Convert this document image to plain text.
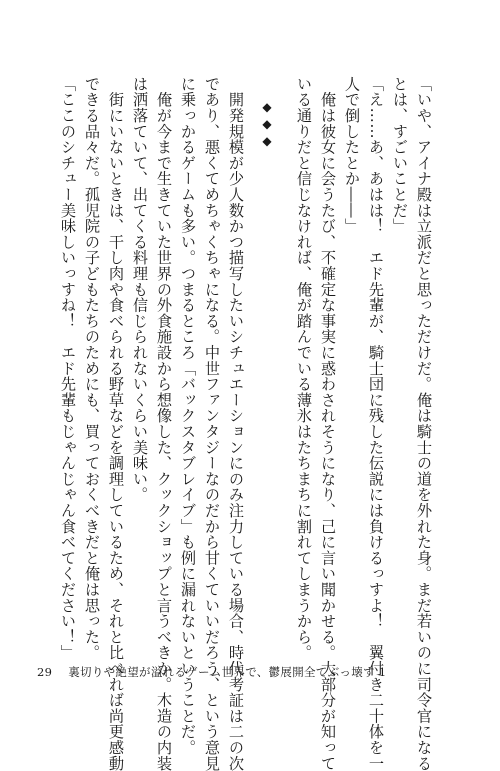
「いや、アイナ殿は立派だと思っただけだ。俺は騎士の道を外れた身。まだ若いのに司令官になる
とは、すごいことだ」
「え……あ、あはは！　エド先輩が、騎士団に残した伝説には負けるっすよ！　翼付き二十体を一
人で倒したとか――」
　俺は彼女に会うたび、不確定な事実に惑わされそうになり、己に言い聞かせる。大部分が知って
いる通りだと信じなければ、俺が踏んでいる薄氷はたちまちに割れてしまうから。
◆◆◆
　開発規模が少人数かつ描写したいシチュエーションにのみ注力している場合、時代考証は二の次
であり、悪くてめちゃくちゃになる。中世ファンタジーなのだから甘くていいだろう、という意見
に乗っかるゲームも多い。つまるところ「バックスタブレイブ」も例に漏れないということだ。
　俺が今まで生きていた世界の外食施設から想像した、クックショップと言うべきか。木造の内装
は洒落ていて、出てくる料理も信じられないくらい美味い。
　街にいないときは、干し肉や食べられる野草などを調理しているため、それと比べれば尚更感動
できる品々だ。孤児院の子どもたちのためにも、買っておくべきだと俺は思った。
「ここのシチュー美味しいっすね！　エド先輩もじゃんじゃん食べてください！」
29 裏切りや絶望が溢れるゲーム世界で、鬱展開全てぶっ壊す 1
